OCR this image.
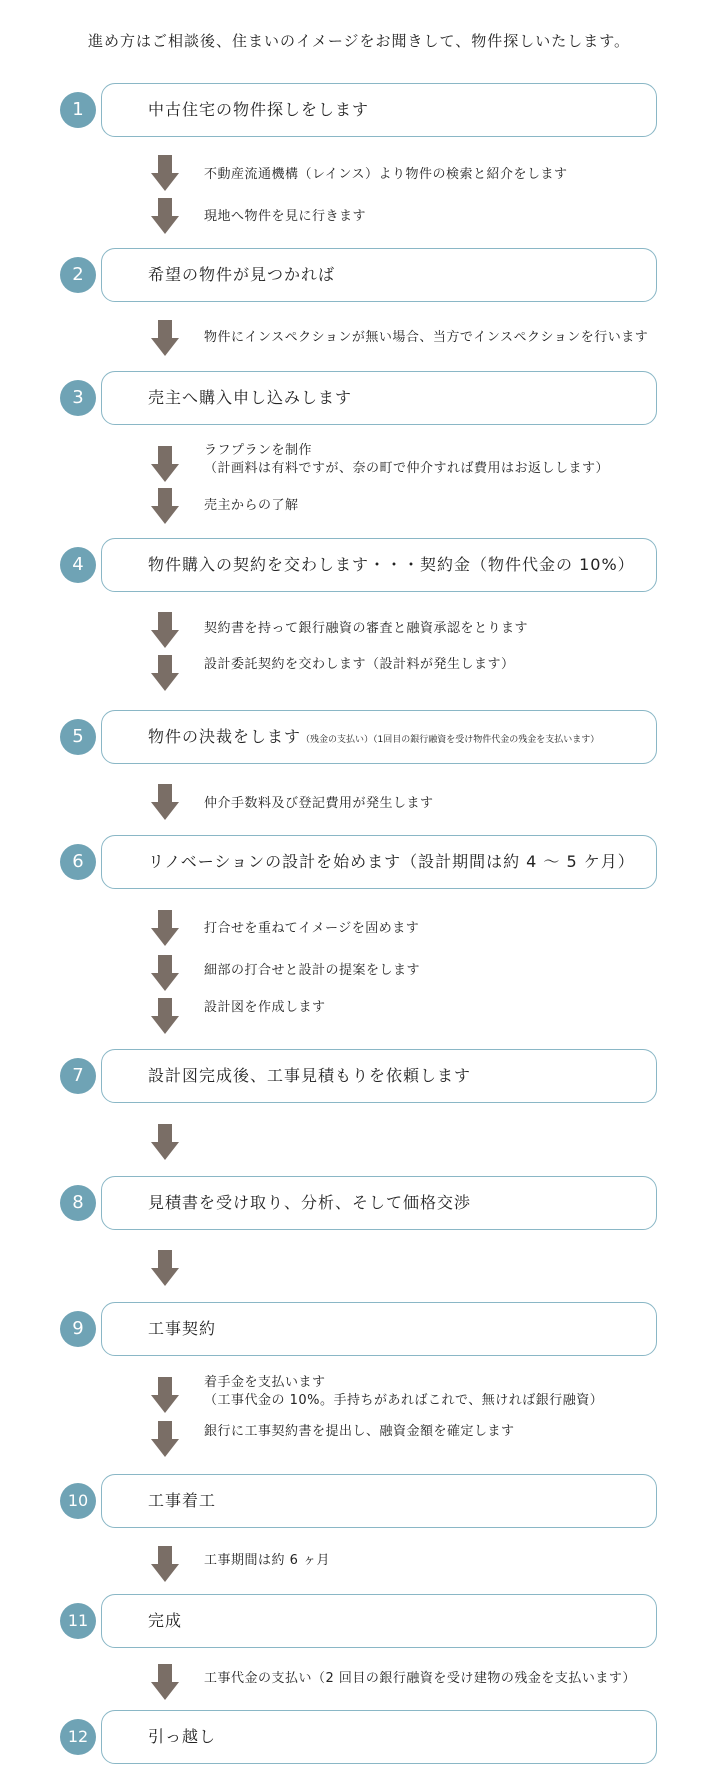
進め方はご相談後、住まいのイメージをお聞きして、物件探しいたします。
1	中古住宅の物件探しをします
不動産流通機構（レインス）より物件の検索と紹介をします
現地へ物件を見に行きます
2	希望の物件が見つかれば
物件にインスペクションが無い場合、当方でインスペクションを行います
3	売主へ購入申し込みします
ラフプランを制作
（計画料は有料ですが、奈の町で仲介すれば費用はお返しします）
売主からの了解
4	物件購入の契約を交わします・・・契約金（物件代金の 10%）
契約書を持って銀行融資の審査と融資承認をとります
設計委託契約を交わします（設計料が発生します）
5	物件の決裁をします（残金の支払い）（1回目の銀行融資を受け物件代金の残金を支払います）
仲介手数料及び登記費用が発生します
6	リノベーションの設計を始めます（設計期間は約 4 ～ 5 ケ月）
打合せを重ねてイメージを固めます
細部の打合せと設計の提案をします
設計図を作成します
7	設計図完成後、工事見積もりを依頼します
8	見積書を受け取り、分析、そして価格交渉
9	工事契約
着手金を支払います
（工事代金の 10%。手持ちがあればこれで、無ければ銀行融資）
銀行に工事契約書を提出し、融資金額を確定します
10	工事着工
工事期間は約 6 ヶ月
11	完成
工事代金の支払い（2 回目の銀行融資を受け建物の残金を支払います）
12	引っ越し
